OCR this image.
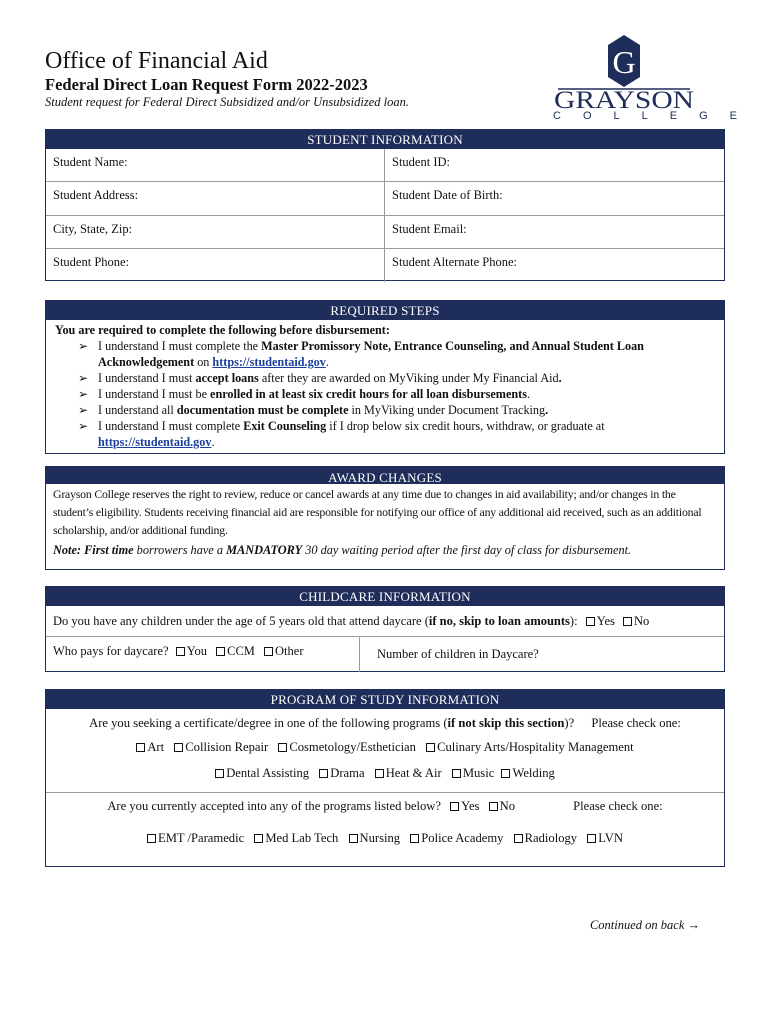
Office of Financial Aid
Federal Direct Loan Request Form 2022-2023
Student request for Federal Direct Subsidized and/or Unsubsidized loan.
G
GRAYSON
COLLEGE
STUDENT INFORMATION
Student Name:	Student ID:
Student Address:	Student Date of Birth:
City, State, Zip:	Student Email:
Student Phone:	Student Alternate Phone:
REQUIRED STEPS
You are required to complete the following before disbursement:
➢ I understand I must complete the Master Promissory Note, Entrance Counseling, and Annual Student Loan Acknowledgement on https://studentaid.gov.
➢ I understand I must accept loans after they are awarded on MyViking under My Financial Aid.
➢ I understand I must be enrolled in at least six credit hours for all loan disbursements.
➢ I understand all documentation must be complete in MyViking under Document Tracking.
➢ I understand I must complete Exit Counseling if I drop below six credit hours, withdraw, or graduate at https://studentaid.gov.
AWARD CHANGES
Grayson College reserves the right to review, reduce or cancel awards at any time due to changes in aid availability; and/or changes in the student’s eligibility. Students receiving financial aid are responsible for notifying our office of any additional aid received, such as an additional scholarship, and/or additional funding.
Note: First time borrowers have a MANDATORY 30 day waiting period after the first day of class for disbursement.
CHILDCARE INFORMATION
Do you have any children under the age of 5 years old that attend daycare (if no, skip to loan amounts): Yes No
Who pays for daycare? You CCM Other	Number of children in Daycare?
PROGRAM OF STUDY INFORMATION
Are you seeking a certificate/degree in one of the following programs (if not skip this section)? Please check one:
Art Collision Repair Cosmetology/Esthetician Culinary Arts/Hospitality Management
Dental Assisting Drama Heat & Air Music Welding
Are you currently accepted into any of the programs listed below? Yes No	Please check one:
EMT /Paramedic Med Lab Tech Nursing Police Academy Radiology LVN
Continued on back →
